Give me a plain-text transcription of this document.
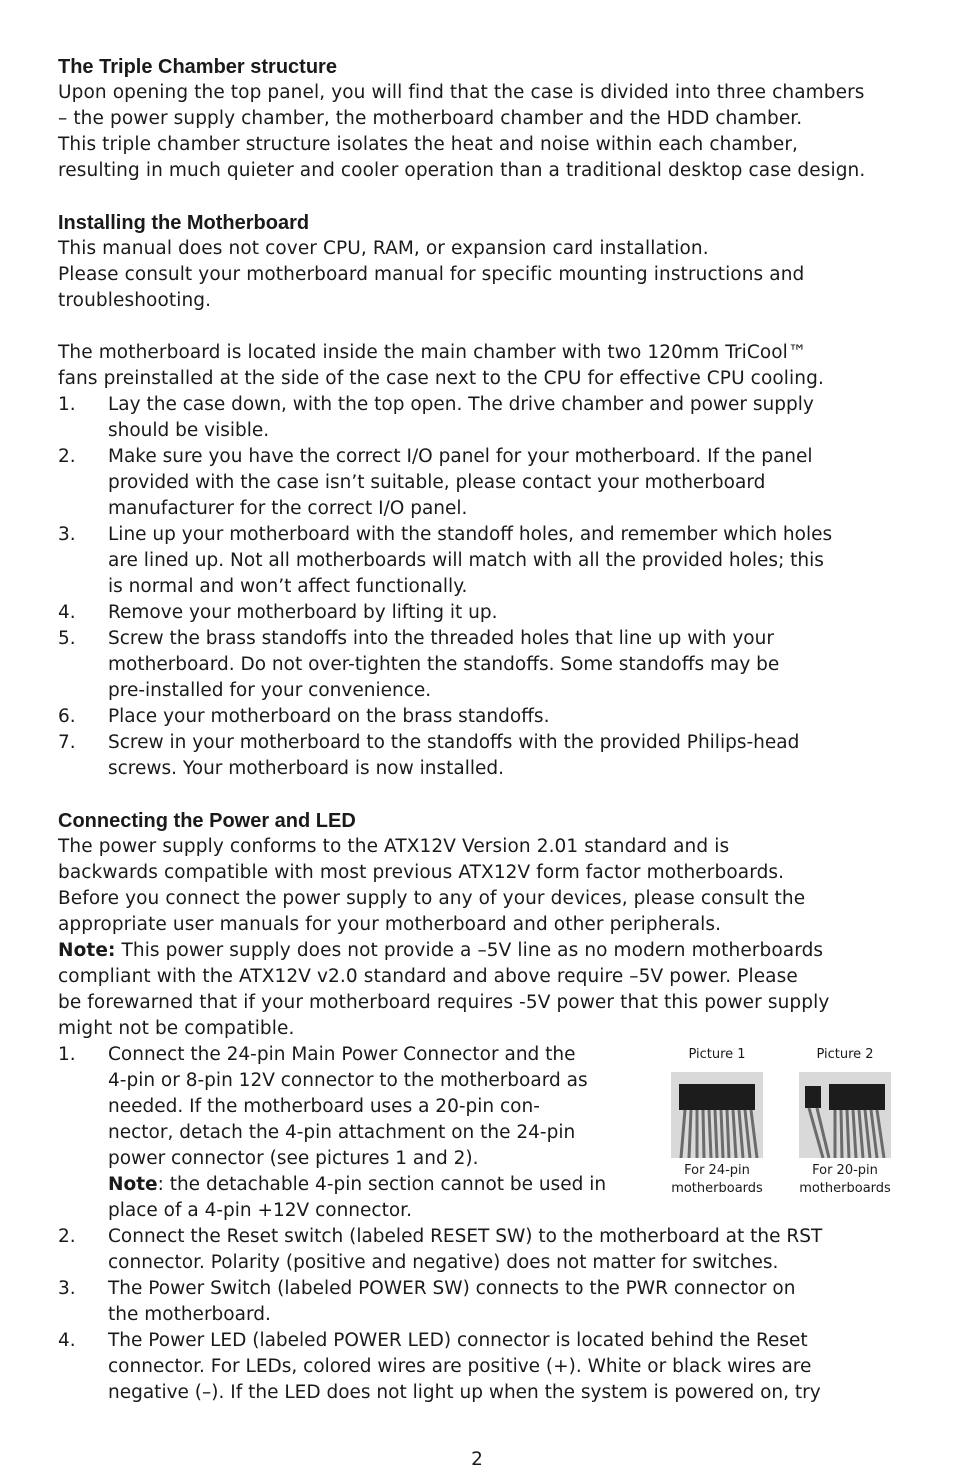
The Triple Chamber structure

Upon opening the top panel, you will find that the case is divided into three chambers

– the power supply chamber, the motherboard chamber and the HDD chamber.

This triple chamber structure isolates the heat and noise within each chamber,

resulting in much quieter and cooler operation than a traditional desktop case design.

Installing the Motherboard

This manual does not cover CPU, RAM, or expansion card installation.

Please consult your motherboard manual for specific mounting instructions and

troubleshooting.

The motherboard is located inside the main chamber with two 120mm TriCool™

fans preinstalled at the side of the case next to the CPU for effective CPU cooling.

1. Lay the case down, with the top open. The drive chamber and power supply
should be visible.
2. Make sure you have the correct I/O panel for your motherboard. If the panel
provided with the case isn’t suitable, please contact your motherboard
manufacturer for the correct I/O panel.
3. Line up your motherboard with the standoff holes, and remember which holes
are lined up. Not all motherboards will match with all the provided holes; this
is normal and won’t affect functionally.
4. Remove your motherboard by lifting it up.
5. Screw the brass standoffs into the threaded holes that line up with your
motherboard. Do not over-tighten the standoffs. Some standoffs may be
pre-installed for your convenience.
6. Place your motherboard on the brass standoffs.
7. Screw in your motherboard to the standoffs with the provided Philips-head
screws. Your motherboard is now installed.
Connecting the Power and LED

The power supply conforms to the ATX12V Version 2.01 standard and is

backwards compatible with most previous ATX12V form factor motherboards.

Before you connect the power supply to any of your devices, please consult the

appropriate user manuals for your motherboard and other peripherals.

Note: This power supply does not provide a –5V line as no modern motherboards

compliant with the ATX12V v2.0 standard and above require –5V power. Please

be forewarned that if your motherboard requires -5V power that this power supply

might not be compatible.

1. Connect the 24-pin Main Power Connector and the
4-pin or 8-pin 12V connector to the motherboard as
needed. If the motherboard uses a 20-pin con-
nector, detach the 4-pin attachment on the 24-pin
power connector (see pictures 1 and 2).
Note: the detachable 4-pin section cannot be used in
place of a 4-pin +12V connector.
2. Connect the Reset switch (labeled RESET SW) to the motherboard at the RST
connector. Polarity (positive and negative) does not matter for switches.
3. The Power Switch (labeled POWER SW) connects to the PWR connector on
the motherboard.
4. The Power LED (labeled POWER LED) connector is located behind the Reset
connector. For LEDs, colored wires are positive (+). White or black wires are
negative (–). If the LED does not light up when the system is powered on, try
Picture 1
For 24-pin
motherboards
Picture 2
For 20-pin
motherboards
2
